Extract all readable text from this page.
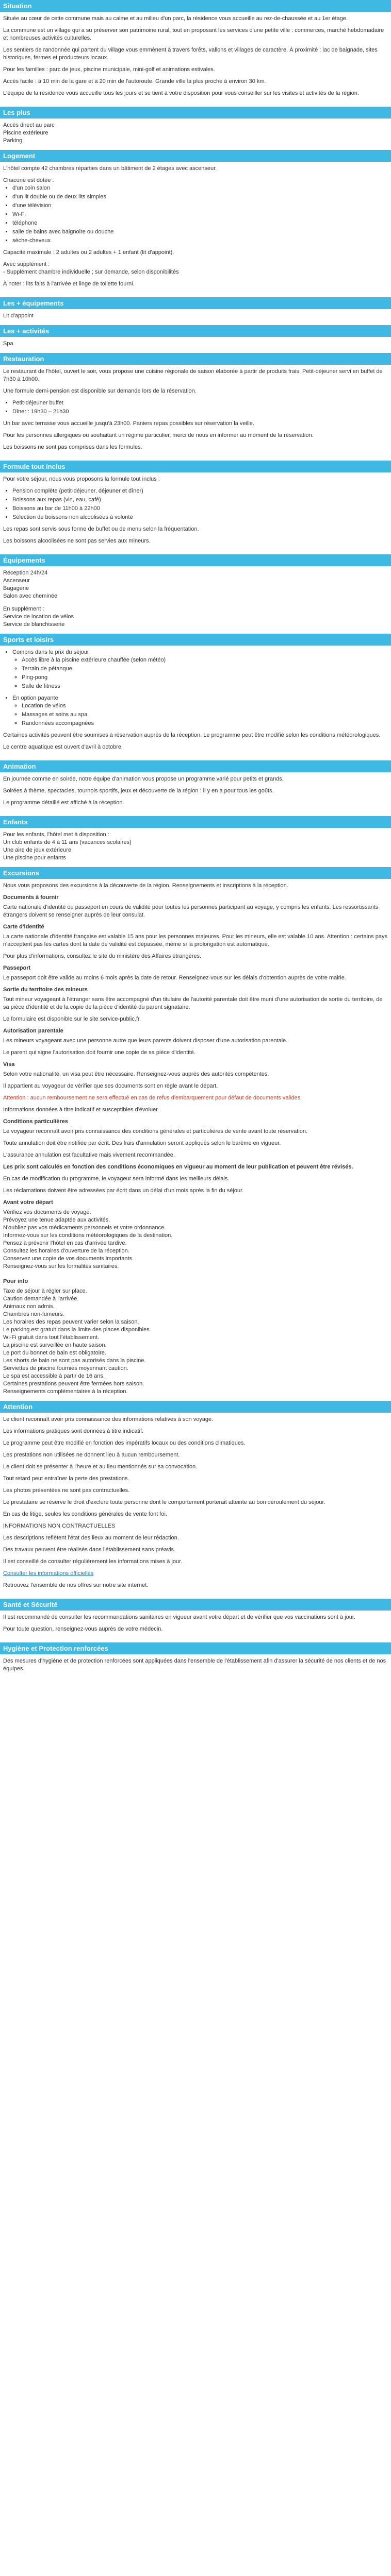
Situation

Située au cœur de cette commune mais au calme et au milieu d'un parc, la résidence vous accueille au rez-de-chaussée et au 1er étage.

La commune est un village qui a su préserver son patrimoine rural, tout en proposant les services d'une petite ville : commerces, marché hebdomadaire et nombreuses activités culturelles.

Les sentiers de randonnée qui partent du village vous emmènent à travers forêts, vallons et villages de caractère. À proximité : lac de baignade, sites historiques, fermes et producteurs locaux.

Pour les familles : parc de jeux, piscine municipale, mini-golf et animations estivales.

Accès facile : à 10 min de la gare et à 20 min de l'autoroute. Grande ville la plus proche à environ 30 km.

L'équipe de la résidence vous accueille tous les jours et se tient à votre disposition pour vous conseiller sur les visites et activités de la région.

Les plus
Accès direct au parc
Piscine extérieure
Parking
Logement

L'hôtel compte 42 chambres réparties dans un bâtiment de 2 étages avec ascenseur.

Chacune est dotée :
• d'un coin salon
• d'un lit double ou de deux lits simples
• d'une télévision
• Wi-Fi
• téléphone
• salle de bains avec baignoire ou douche
• sèche-cheveux

Capacité maximale : 2 adultes ou 2 adultes + 1 enfant (lit d'appoint).

Avec supplément :

- Supplément chambre individuelle ; sur demande, selon disponibilités

À noter : lits faits à l'arrivée et linge de toilette fourni.

Les + équipements
Lit d'appoint
Les + activités
Spa
Restauration

Le restaurant de l'hôtel, ouvert le soir, vous propose une cuisine régionale de saison élaborée à partir de produits frais. Petit-déjeuner servi en buffet de 7h30 à 10h00.

Une formule demi-pension est disponible sur demande lors de la réservation.

• Petit-déjeuner buffet
• Dîner : 19h30 – 21h30

Un bar avec terrasse vous accueille jusqu'à 23h00. Paniers repas possibles sur réservation la veille.

Pour les personnes allergiques ou souhaitant un régime particulier, merci de nous en informer au moment de la réservation.

Les boissons ne sont pas comprises dans les formules.

Formule tout inclus

Pour votre séjour, nous vous proposons la formule tout inclus :

• Pension complète (petit-déjeuner, déjeuner et dîner)
• Boissons aux repas (vin, eau, café)
• Boissons au bar de 11h00 à 22h00
• Sélection de boissons non alcoolisées à volonté

Les repas sont servis sous forme de buffet ou de menu selon la fréquentation.

Les boissons alcoolisées ne sont pas servies aux mineurs.

Équipements
Réception 24h/24
Ascenseur
Bagagerie
Salon avec cheminée
En supplément :
Service de location de vélos
Service de blanchisserie
Sports et loisirs
• Compris dans le prix du séjour
◦ Accès libre à la piscine extérieure chauffée (selon météo)
◦ Terrain de pétanque
◦ Ping-pong
◦ Salle de fitness
• En option payante
◦ Location de vélos
◦ Massages et soins au spa
◦ Randonnées accompagnées

Certaines activités peuvent être soumises à réservation auprès de la réception. Le programme peut être modifié selon les conditions météorologiques.

Le centre aquatique est ouvert d'avril à octobre.

Animation

En journée comme en soirée, notre équipe d'animation vous propose un programme varié pour petits et grands.

Soirées à thème, spectacles, tournois sportifs, jeux et découverte de la région : il y en a pour tous les goûts.

Le programme détaillé est affiché à la réception.

Enfants
Pour les enfants, l'hôtel met à disposition :
Un club enfants de 4 à 11 ans (vacances scolaires)
Une aire de jeux extérieure
Une piscine pour enfants
Excursions

Nous vous proposons des excursions à la découverte de la région. Renseignements et inscriptions à la réception.

Documents à fournir

Carte nationale d'identité ou passeport en cours de validité pour toutes les personnes participant au voyage, y compris les enfants. Les ressortissants étrangers doivent se renseigner auprès de leur consulat.

Carte d'identité

La carte nationale d'identité française est valable 15 ans pour les personnes majeures. Pour les mineurs, elle est valable 10 ans. Attention : certains pays n'acceptent pas les cartes dont la date de validité est dépassée, même si la prolongation est automatique.

Pour plus d'informations, consultez le site du ministère des Affaires étrangères.

Passeport

Le passeport doit être valide au moins 6 mois après la date de retour. Renseignez-vous sur les délais d'obtention auprès de votre mairie.

Sortie du territoire des mineurs

Tout mineur voyageant à l'étranger sans être accompagné d'un titulaire de l'autorité parentale doit être muni d'une autorisation de sortie du territoire, de sa pièce d'identité et de la copie de la pièce d'identité du parent signataire.

Le formulaire est disponible sur le site service-public.fr.

Autorisation parentale

Les mineurs voyageant avec une personne autre que leurs parents doivent disposer d'une autorisation parentale.

Le parent qui signe l'autorisation doit fournir une copie de sa pièce d'identité.

Visa

Selon votre nationalité, un visa peut être nécessaire. Renseignez-vous auprès des autorités compétentes.

Il appartient au voyageur de vérifier que ses documents sont en règle avant le départ.

Attention : aucun remboursement ne sera effectué en cas de refus d'embarquement pour défaut de documents valides.

Informations données à titre indicatif et susceptibles d'évoluer.

Conditions particulières

Le voyageur reconnaît avoir pris connaissance des conditions générales et particulières de vente avant toute réservation.

Toute annulation doit être notifiée par écrit. Des frais d'annulation seront appliqués selon le barème en vigueur.

L'assurance annulation est facultative mais vivement recommandée.

Les prix sont calculés en fonction des conditions économiques en vigueur au moment de leur publication et peuvent être révisés.

En cas de modification du programme, le voyageur sera informé dans les meilleurs délais.

Les réclamations doivent être adressées par écrit dans un délai d'un mois après la fin du séjour.

Avant votre départ
Vérifiez vos documents de voyage.
Prévoyez une tenue adaptée aux activités.
N'oubliez pas vos médicaments personnels et votre ordonnance.
Informez-vous sur les conditions météorologiques de la destination.
Pensez à prévenir l'hôtel en cas d'arrivée tardive.
Consultez les horaires d'ouverture de la réception.
Conservez une copie de vos documents importants.
Renseignez-vous sur les formalités sanitaires.
Pour info
Taxe de séjour à régler sur place.
Caution demandée à l'arrivée.
Animaux non admis.
Chambres non-fumeurs.
Les horaires des repas peuvent varier selon la saison.
Le parking est gratuit dans la limite des places disponibles.
Wi-Fi gratuit dans tout l'établissement.
La piscine est surveillée en haute saison.
Le port du bonnet de bain est obligatoire.
Les shorts de bain ne sont pas autorisés dans la piscine.
Serviettes de piscine fournies moyennant caution.
Le spa est accessible à partir de 16 ans.
Certaines prestations peuvent être fermées hors saison.
Renseignements complémentaires à la réception.
Attention

Le client reconnaît avoir pris connaissance des informations relatives à son voyage.

Les informations pratiques sont données à titre indicatif.

Le programme peut être modifié en fonction des impératifs locaux ou des conditions climatiques.

Les prestations non utilisées ne donnent lieu à aucun remboursement.

Le client doit se présenter à l'heure et au lieu mentionnés sur sa convocation.

Tout retard peut entraîner la perte des prestations.

Les photos présentées ne sont pas contractuelles.

Le prestataire se réserve le droit d'exclure toute personne dont le comportement porterait atteinte au bon déroulement du séjour.

En cas de litige, seules les conditions générales de vente font foi.

INFORMATIONS NON CONTRACTUELLES

Les descriptions reflètent l'état des lieux au moment de leur rédaction.

Des travaux peuvent être réalisés dans l'établissement sans préavis.

Il est conseillé de consulter régulièrement les informations mises à jour.

Consulter les informations officielles

Retrouvez l'ensemble de nos offres sur notre site internet.

Santé et Sécurité

Il est recommandé de consulter les recommandations sanitaires en vigueur avant votre départ et de vérifier que vos vaccinations sont à jour.

Pour toute question, renseignez-vous auprès de votre médecin.

Hygiène et Protection renforcées

Des mesures d'hygiène et de protection renforcées sont appliquées dans l'ensemble de l'établissement afin d'assurer la sécurité de nos clients et de nos équipes.
